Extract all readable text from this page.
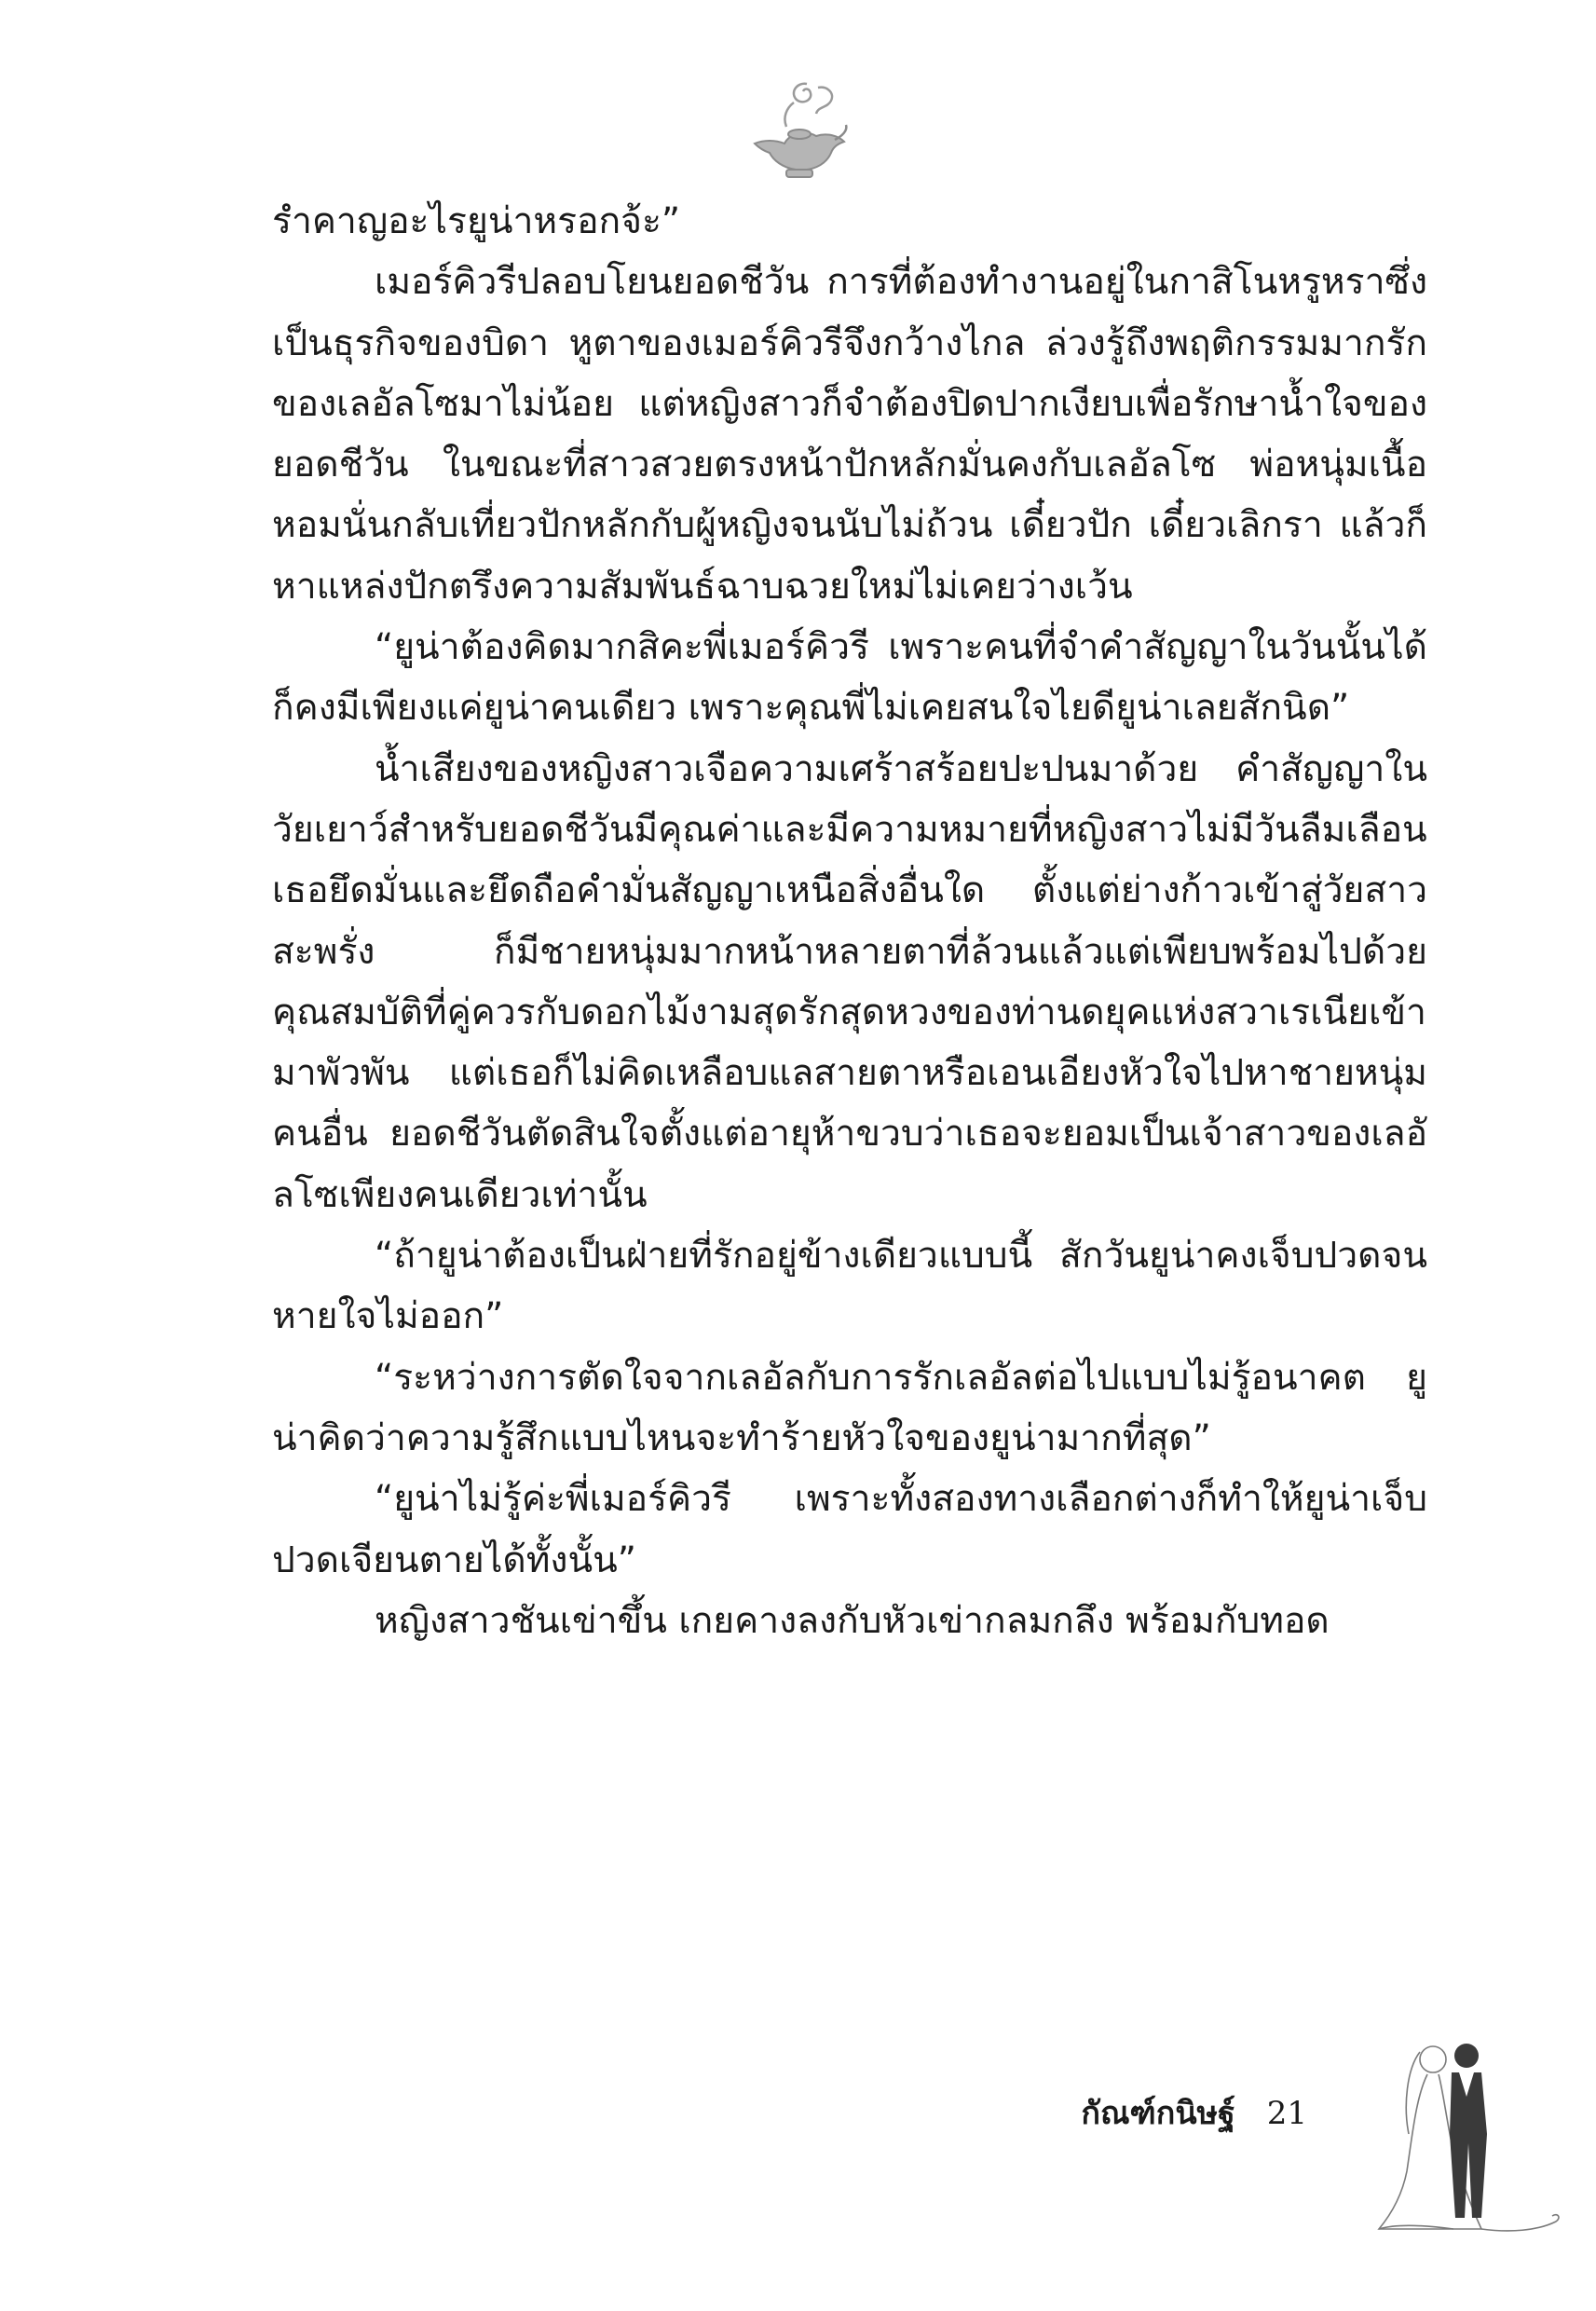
รำคาญอะไรยูน่าหรอกจ้ะ”

เมอร์คิวรีปลอบโยนยอดชีวัน การที่ต้องทำงานอยู่ในกาสิโนหรูหราซึ่งเป็นธุรกิจของบิดา หูตาของเมอร์คิวรีจึงกว้างไกล ล่วงรู้ถึงพฤติกรรมมากรักของเลอัลโซมาไม่น้อย แต่หญิงสาวก็จำต้องปิดปากเงียบเพื่อรักษาน้ำใจของยอดชีวัน ในขณะที่สาวสวยตรงหน้าปักหลักมั่นคงกับเลอัลโซ พ่อหนุ่มเนื้อหอมนั่นกลับเที่ยวปักหลักกับผู้หญิงจนนับไม่ถ้วน เดี๋ยวปัก เดี๋ยวเลิกรา แล้วก็หาแหล่งปักตรึงความสัมพันธ์ฉาบฉวยใหม่ไม่เคยว่างเว้น

“ยูน่าต้องคิดมากสิคะพี่เมอร์คิวรี เพราะคนที่จำคำสัญญาในวันนั้นได้ก็คงมีเพียงแค่ยูน่าคนเดียว เพราะคุณพี่ไม่เคยสนใจไยดียูน่าเลยสักนิด”

น้ำเสียงของหญิงสาวเจือความเศร้าสร้อยปะปนมาด้วย คำสัญญาในวัยเยาว์สำหรับยอดชีวันมีคุณค่าและมีความหมายที่หญิงสาวไม่มีวันลืมเลือน เธอยึดมั่นและยึดถือคำมั่นสัญญาเหนือสิ่งอื่นใด ตั้งแต่ย่างก้าวเข้าสู่วัยสาวสะพรั่ง ก็มีชายหนุ่มมากหน้าหลายตาที่ล้วนแล้วแต่เพียบพร้อมไปด้วยคุณสมบัติที่คู่ควรกับดอกไม้งามสุดรักสุดหวงของท่านดยุคแห่งสวาเรเนียเข้ามาพัวพัน แต่เธอก็ไม่คิดเหลือบแลสายตาหรือเอนเอียงหัวใจไปหาชายหนุ่มคนอื่น ยอดชีวันตัดสินใจตั้งแต่อายุห้าขวบว่าเธอจะยอมเป็นเจ้าสาวของเลอัลโซเพียงคนเดียวเท่านั้น

“ถ้ายูน่าต้องเป็นฝ่ายที่รักอยู่ข้างเดียวแบบนี้ สักวันยูน่าคงเจ็บปวดจนหายใจไม่ออก”

“ระหว่างการตัดใจจากเลอัลกับการรักเลอัลต่อไปแบบไม่รู้อนาคต ยูน่าคิดว่าความรู้สึกแบบไหนจะทำร้ายหัวใจของยูน่ามากที่สุด”

“ยูน่าไม่รู้ค่ะพี่เมอร์คิวรี เพราะทั้งสองทางเลือกต่างก็ทำให้ยูน่าเจ็บปวดเจียนตายได้ทั้งนั้น”

หญิงสาวชันเข่าขึ้น เกยคางลงกับหัวเข่ากลมกลึง พร้อมกับทอด

กัณฑ์กนิษฐ์ 21
